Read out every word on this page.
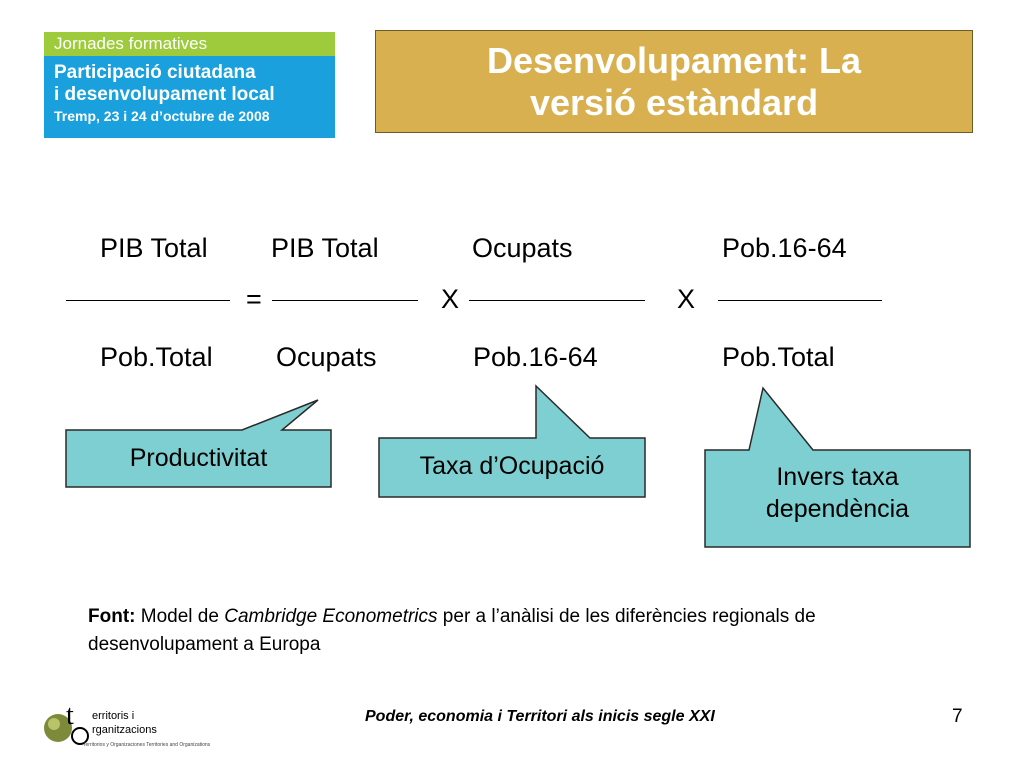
Jornades formatives
Participació ciutadana
i desenvolupament local
Tremp, 23 i 24 d’octubre de 2008
Desenvolupament: La
versió estàndard
PIB Total PIB Total	Ocupats	Pob.16-64
=	X	X
Pob.Total Ocupats	Pob.16-64	Pob.Total
Productivitat	Taxa d’Ocupació	Invers taxa
dependència
Font: Model de Cambridge Econometrics per a l’anàlisi de les diferències regionals de desenvolupament a Europa
t erritoris i
rganitzacions
Territorios y Organizaciones Territories and Organizations
Poder, economia i Territori als inicis segle XXI	7
